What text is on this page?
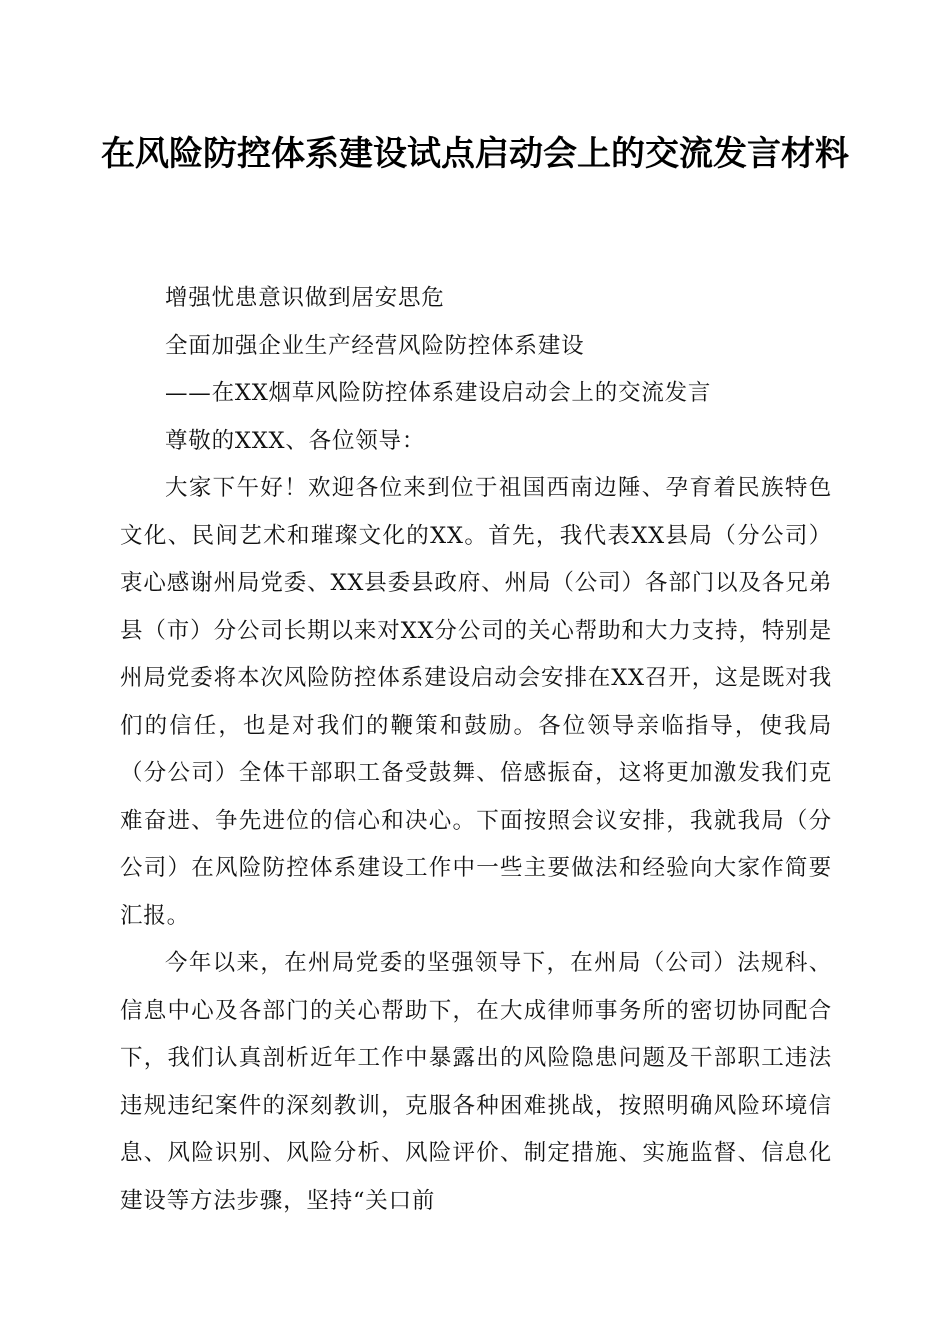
在风险防控体系建设试点启动会上的交流发言材料

增强忧患意识做到居安思危

全面加强企业生产经营风险防控体系建设

——在XX烟草风险防控体系建设启动会上的交流发言

尊敬的XXX、各位领导：

大家下午好！欢迎各位来到位于祖国西南边陲、孕育着民族特色文化、民间艺术和璀璨文化的XX。首先，我代表XX县局（分公司）衷心感谢州局党委、XX县委县政府、州局（公司）各部门以及各兄弟县（市）分公司长期以来对XX分公司的关心帮助和大力支持，特别是州局党委将本次风险防控体系建设启动会安排在XX召开，这是既对我们的信任，也是对我们的鞭策和鼓励。各位领导亲临指导，使我局（分公司）全体干部职工备受鼓舞、倍感振奋，这将更加激发我们克难奋进、争先进位的信心和决心。下面按照会议安排，我就我局（分公司）在风险防控体系建设工作中一些主要做法和经验向大家作简要汇报。

今年以来，在州局党委的坚强领导下，在州局（公司）法规科、信息中心及各部门的关心帮助下，在大成律师事务所的密切协同配合下，我们认真剖析近年工作中暴露出的风险隐患问题及干部职工违法违规违纪案件的深刻教训，克服各种困难挑战，按照明确风险环境信息、风险识别、风险分析、风险评价、制定措施、实施监督、信息化建设等方法步骤，坚持“关口前
